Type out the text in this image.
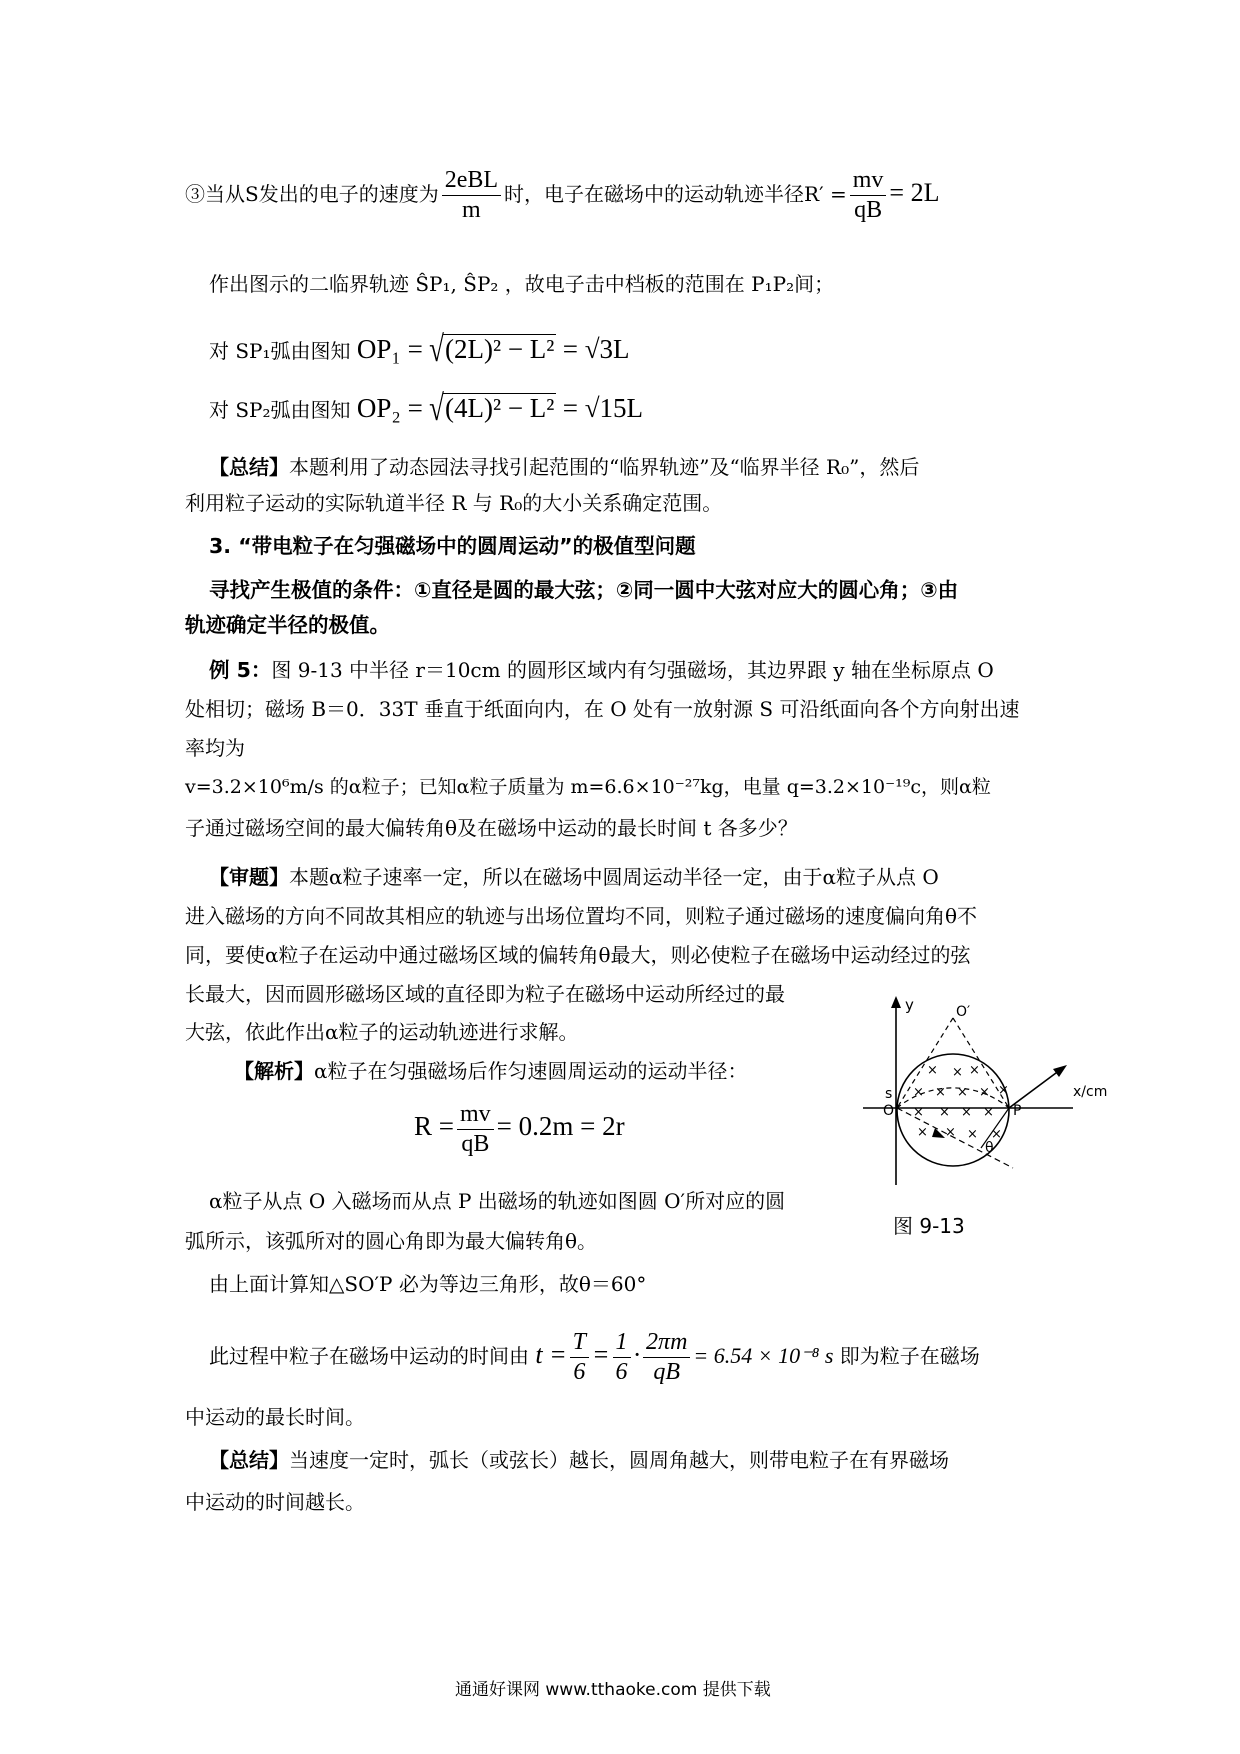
③当从S发出的电子的速度为 $\frac{\text{2eBL}}{m}$ 时，电子在磁场中的运动轨迹半径$R' = \frac{mv}{qB} = 2L$
作出图示的二临界轨迹 ŜP₁, ŜP₂ ，故电子击中档板的范围在 P₁P₂间；
对 SP₁弧由图知 OP₁ = √(2L)² − L² = √3L
对 SP₂弧由图知 OP₂ = √(4L)² − L² = √15L
【总结】本题利用了动态园法寻找引起范围的“临界轨迹”及“临界半径 R₀”，然后
利用粒子运动的实际轨道半径 R 与 R₀的大小关系确定范围。
3. “带电粒子在匀强磁场中的圆周运动”的极值型问题
寻找产生极值的条件：①直径是圆的最大弦；②同一圆中大弦对应大的圆心角；③由
轨迹确定半径的极值。
例 5：图 9-13 中半径 r＝10cm 的圆形区域内有匀强磁场，其边界跟 y 轴在坐标原点 O
处相切；磁场 B＝0．33T 垂直于纸面向内，在 O 处有一放射源 S 可沿纸面向各个方向射出速
率均为
v=3.2×10⁶m/s 的α粒子；已知α粒子质量为 m=6.6×10⁻²⁷kg，电量 q=3.2×10⁻¹⁹c，则α粒
子通过磁场空间的最大偏转角θ及在磁场中运动的最长时间 t 各多少？
【审题】本题α粒子速率一定，所以在磁场中圆周运动半径一定，由于α粒子从点 O
进入磁场的方向不同故其相应的轨迹与出场位置均不同，则粒子通过磁场的速度偏向角θ不
同，要使α粒子在运动中通过磁场区域的偏转角θ最大，则必使粒子在磁场中运动经过的弦
长最大，因而圆形磁场区域的直径即为粒子在磁场中运动所经过的最
大弦，依此作出α粒子的运动轨迹进行求解。
【解析】α粒子在匀强磁场后作匀速圆周运动的运动半径：
$R = \frac{mv}{qB} = 0.2m = 2r$
α粒子从点 O 入磁场而从点 P 出磁场的轨迹如图圆 O′所对应的圆
弧所示，该弧所对的圆心角即为最大偏转角θ。
由上面计算知△SO′P 必为等边三角形，故θ＝60°
此过程中粒子在磁场中运动的时间由 $t = \frac{T}{6} = \frac{1}{6} \cdot \frac{2\pi m}{qB} = 6.54 \times 10^{-8}$ s 即为粒子在磁场
中运动的最长时间。
【总结】当速度一定时，弧长（或弦长）越长，圆周角越大，则带电粒子在有界磁场
中运动的时间越长。
× × ×
× × × × ×
× × × ×
× × × ×
y	O′
x/cm
s
O	P
θ
图 9-13
通通好课网 www.tthaoke.com 提供下载
